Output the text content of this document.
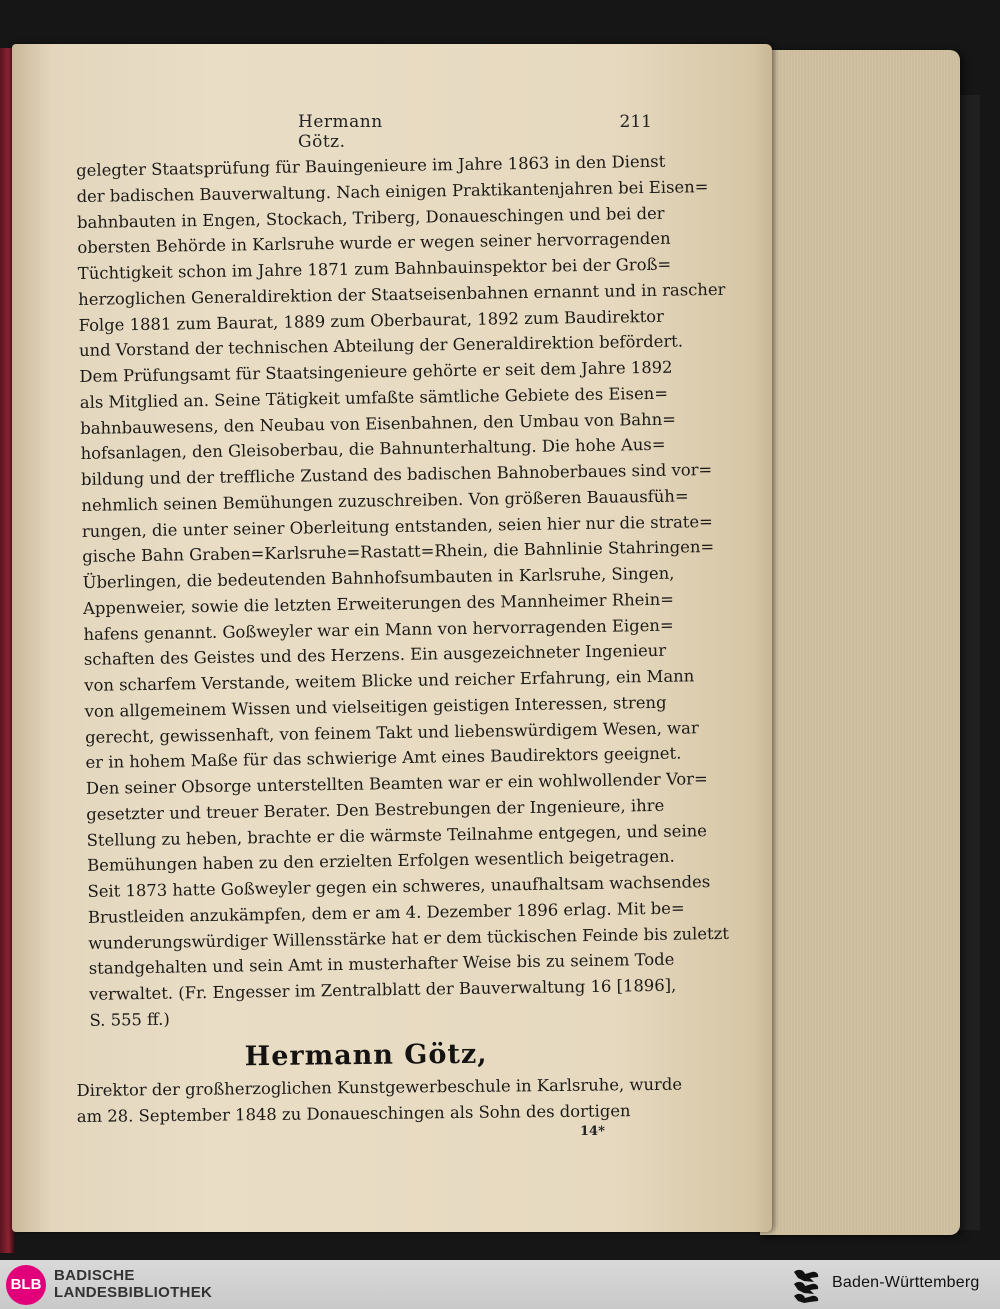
Hermann Götz.
211
gelegter Staatsprüfung für Bauingenieure im Jahre 1863 in den Dienst
der badischen Bauverwaltung. Nach einigen Praktikantenjahren bei Eisen=
bahnbauten in Engen, Stockach, Triberg, Donaueschingen und bei der
obersten Behörde in Karlsruhe wurde er wegen seiner hervorragenden
Tüchtigkeit schon im Jahre 1871 zum Bahnbauinspektor bei der Groß=
herzoglichen Generaldirektion der Staatseisenbahnen ernannt und in rascher
Folge 1881 zum Baurat, 1889 zum Oberbaurat, 1892 zum Baudirektor
und Vorstand der technischen Abteilung der Generaldirektion befördert.
Dem Prüfungsamt für Staatsingenieure gehörte er seit dem Jahre 1892
als Mitglied an. Seine Tätigkeit umfaßte sämtliche Gebiete des Eisen=
bahnbauwesens, den Neubau von Eisenbahnen, den Umbau von Bahn=
hofsanlagen, den Gleisoberbau, die Bahnunterhaltung. Die hohe Aus=
bildung und der treffliche Zustand des badischen Bahnoberbaues sind vor=
nehmlich seinen Bemühungen zuzuschreiben. Von größeren Bauausfüh=
rungen, die unter seiner Oberleitung entstanden, seien hier nur die strate=
gische Bahn Graben=Karlsruhe=Rastatt=Rhein, die Bahnlinie Stahringen=
Überlingen, die bedeutenden Bahnhofsumbauten in Karlsruhe, Singen,
Appenweier, sowie die letzten Erweiterungen des Mannheimer Rhein=
hafens genannt. Goßweyler war ein Mann von hervorragenden Eigen=
schaften des Geistes und des Herzens. Ein ausgezeichneter Ingenieur
von scharfem Verstande, weitem Blicke und reicher Erfahrung, ein Mann
von allgemeinem Wissen und vielseitigen geistigen Interessen, streng
gerecht, gewissenhaft, von feinem Takt und liebenswürdigem Wesen, war
er in hohem Maße für das schwierige Amt eines Baudirektors geeignet.
Den seiner Obsorge unterstellten Beamten war er ein wohlwollender Vor=
gesetzter und treuer Berater. Den Bestrebungen der Ingenieure, ihre
Stellung zu heben, brachte er die wärmste Teilnahme entgegen, und seine
Bemühungen haben zu den erzielten Erfolgen wesentlich beigetragen.
Seit 1873 hatte Goßweyler gegen ein schweres, unaufhaltsam wachsendes
Brustleiden anzukämpfen, dem er am 4. Dezember 1896 erlag. Mit be=
wunderungswürdiger Willensstärke hat er dem tückischen Feinde bis zuletzt
standgehalten und sein Amt in musterhafter Weise bis zu seinem Tode
verwaltet. (Fr. Engesser im Zentralblatt der Bauverwaltung 16 [1896],
S. 555 ff.)
Hermann Götz,
Direktor der großherzoglichen Kunstgewerbeschule in Karlsruhe, wurde
am 28. September 1848 zu Donaueschingen als Sohn des dortigen
14*
BLB
BADISCHE
LANDESBIBLIOTHEK
Baden-Württemberg
